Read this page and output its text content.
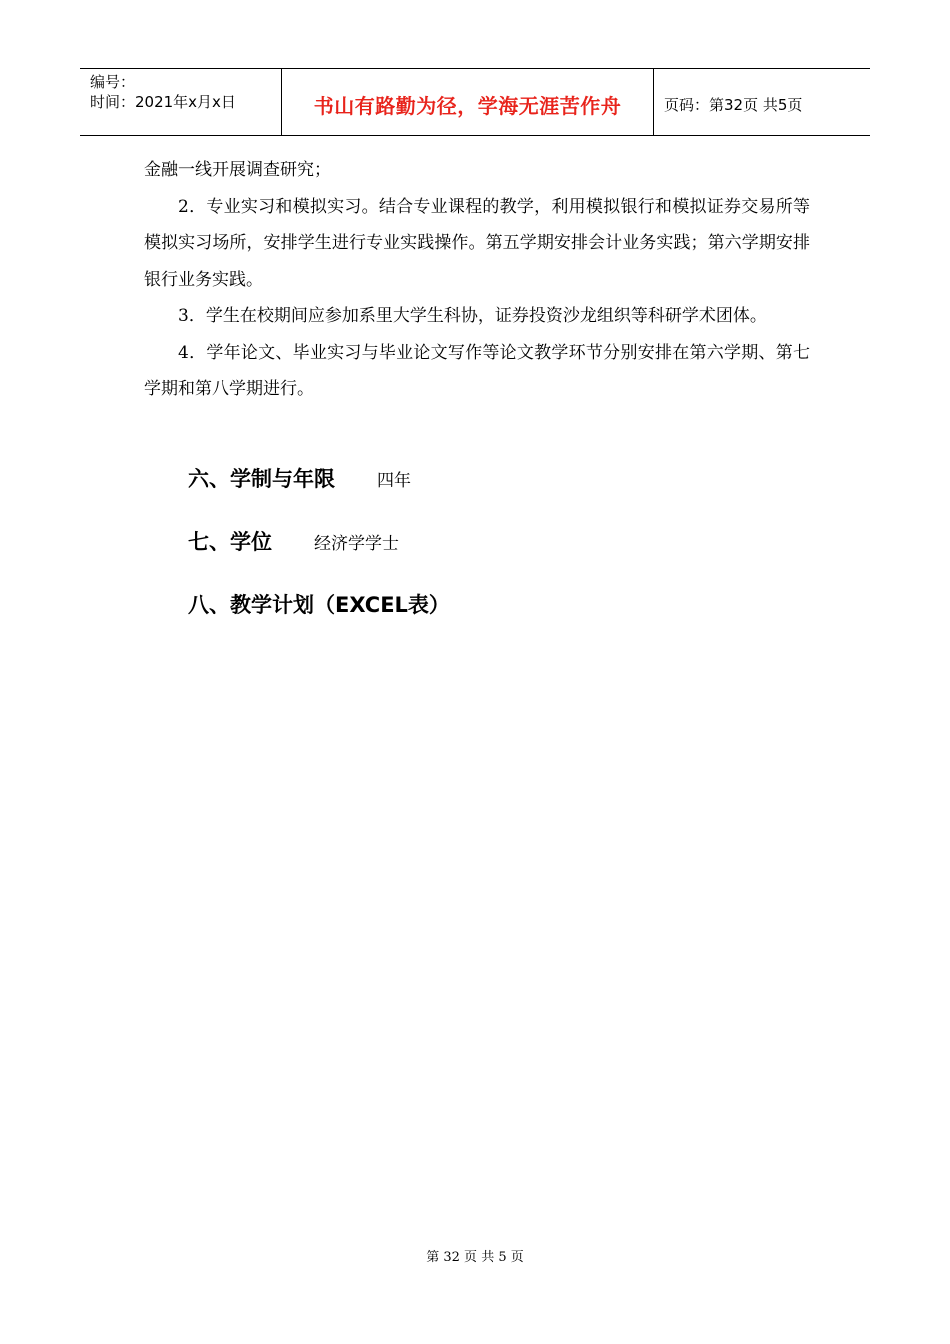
编号：
时间：2021年x月x日	书山有路勤为径，学海无涯苦作舟	页码：第32页 共5页

金融一线开展调查研究；

2．专业实习和模拟实习。结合专业课程的教学，利用模拟银行和模拟证券交易所等模拟实习场所，安排学生进行专业实践操作。第五学期安排会计业务实践；第六学期安排银行业务实践。

3．学生在校期间应参加系里大学生科协，证券投资沙龙组织等科研学术团体。

4．学年论文、毕业实习与毕业论文写作等论文教学环节分别安排在第六学期、第七学期和第八学期进行。

六、学制与年限 四年
七、学位 经济学学士
八、教学计划（EXCEL表）
第 32 页 共 5 页
